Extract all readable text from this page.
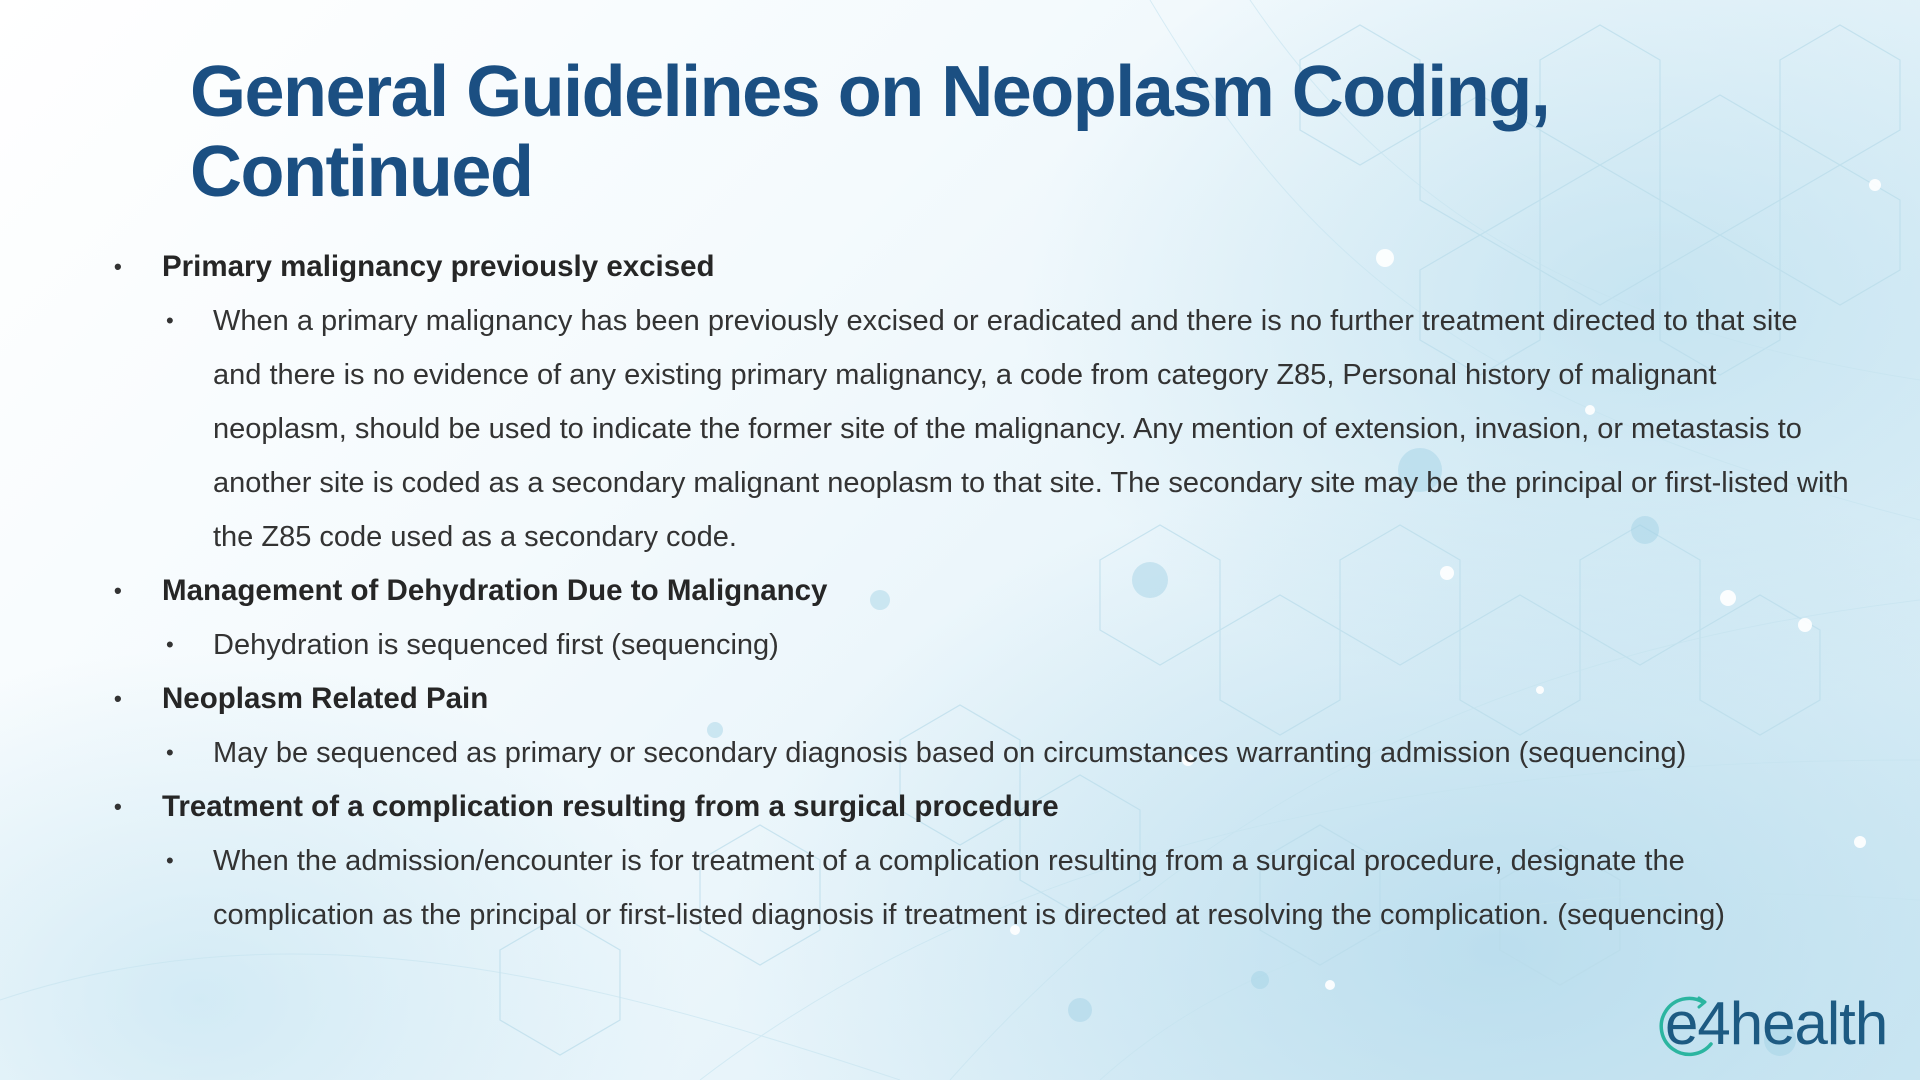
General Guidelines on Neoplasm Coding, Continued
• Primary malignancy previously excised
• When a primary malignancy has been previously excised or eradicated and there is no further treatment directed to that site and there is no evidence of any existing primary malignancy, a code from category Z85, Personal history of malignant neoplasm, should be used to indicate the former site of the malignancy. Any mention of extension, invasion, or metastasis to another site is coded as a secondary malignant neoplasm to that site. The secondary site may be the principal or first-listed with the Z85 code used as a secondary code.
• Management of Dehydration Due to Malignancy
• Dehydration is sequenced first (sequencing)
• Neoplasm Related Pain
• May be sequenced as primary or secondary diagnosis based on circumstances warranting admission (sequencing)
• Treatment of a complication resulting from a surgical procedure
• When the admission/encounter is for treatment of a complication resulting from a surgical procedure, designate the complication as the principal or first-listed diagnosis if treatment is directed at resolving the complication. (sequencing)
e4health
